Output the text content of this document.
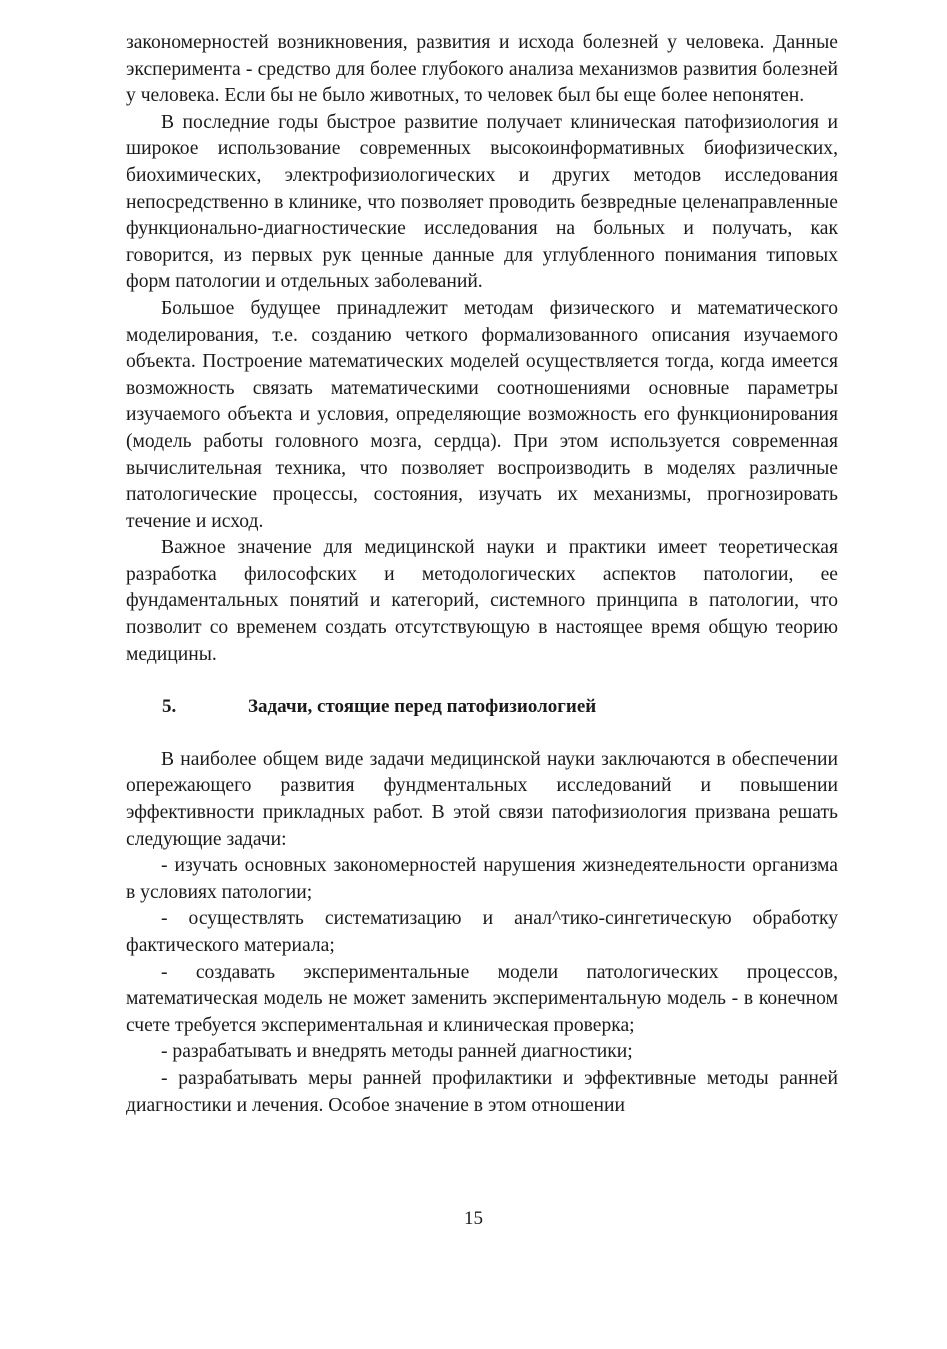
закономерностей возникновения, развития и исхода болезней у человека. Данные эксперимента - средство для более глубокого анализа механизмов развития болезней у человека. Если бы не было животных, то человек был бы еще более непонятен.

В последние годы быстрое развитие получает клиническая патофизиология и широкое использование современных высокоинформативных биофизических, биохимических, электрофизиологических и других методов исследования непосредственно в клинике, что позволяет проводить безвредные целенаправленные функционально-диагностические исследования на больных и получать, как говорится, из первых рук ценные данные для углубленного понимания типовых форм патологии и отдельных заболеваний.

Большое будущее принадлежит методам физического и математического моделирования, т.е. созданию четкого формализованного описания изучаемого объекта. Построение математических моделей осуществляется тогда, когда имеется возможность связать математическими соотношениями основные параметры изучаемого объекта и условия, определяющие возможность его функционирования (модель работы головного мозга, сердца). При этом используется современная вычислительная техника, что позволяет воспроизводить в моделях различные патологические процессы, состояния, изучать их механизмы, прогнозировать течение и исход.

Важное значение для медицинской науки и практики имеет теоретическая разработка философских и методологических аспектов патологии, ее фундаментальных понятий и категорий, системного принципа в патологии, что позволит со временем создать отсутствующую в настоящее время общую теорию медицины.

5.	Задачи, стоящие перед патофизиологией

В наиболее общем виде задачи медицинской науки заключаются в обеспечении опережающего развития фундментальных исследований и повышении эффективности прикладных работ. В этой связи патофизиология призвана решать следующие задачи:

- изучать основных закономерностей нарушения жизнедеятельности организма в условиях патологии;

- осуществлять систематизацию и анал^тико-сингетическую обработку фактического материала;

- создавать экспериментальные модели патологических процессов, математическая модель не может заменить экспериментальную модель - в конечном счете требуется экспериментальная и клиническая проверка;

- разрабатывать и внедрять методы ранней диагностики;

- разрабатывать меры ранней профилактики и эффективные методы ранней диагностики и лечения. Особое значение в этом отношении

15
